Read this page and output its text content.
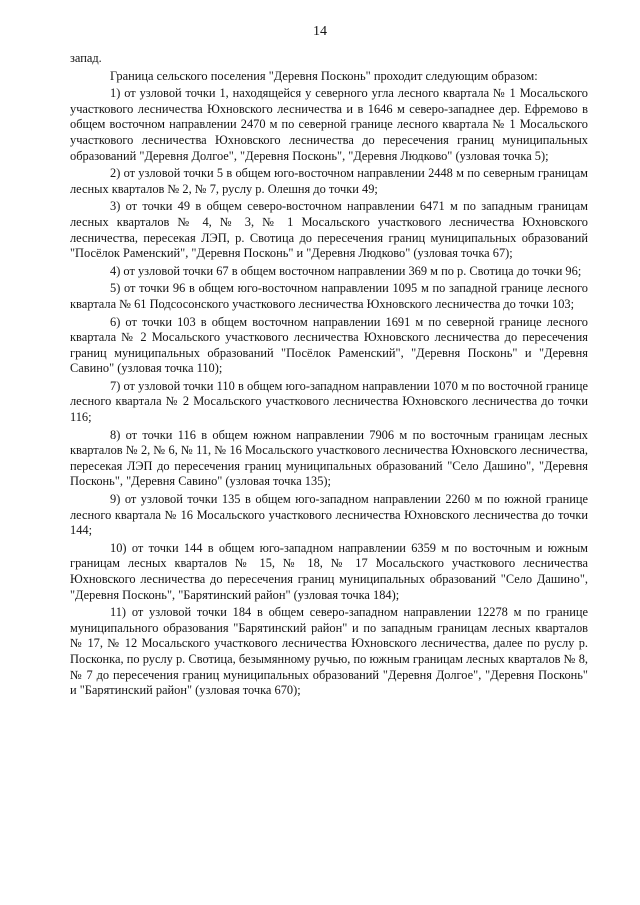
14

запад.

Граница сельского поселения "Деревня Посконь" проходит следующим образом:

1) от узловой точки 1, находящейся у северного угла лесного квартала № 1 Мосальского участкового лесничества Юхновского лесничества и в 1646 м северо-западнее дер. Ефремово в общем восточном направлении 2470 м по северной границе лесного квартала № 1 Мосальского участкового лесничества Юхновского лесничества до пересечения границ муниципальных образований "Деревня Долгое", "Деревня Посконь", "Деревня Людково" (узловая точка 5);

2) от узловой точки 5 в общем юго-восточном направлении 2448 м по северным границам лесных кварталов № 2, № 7, руслу р. Олешня до точки 49;

3) от точки 49 в общем северо-восточном направлении 6471 м по западным границам лесных кварталов № 4, № 3, № 1 Мосальского участкового лесничества Юхновского лесничества, пересекая ЛЭП, р. Свотица до пересечения границ муниципальных образований "Посёлок Раменский", "Деревня Посконь" и "Деревня Людково" (узловая точка 67);

4) от узловой точки 67 в общем восточном направлении 369 м по р. Свотица до точки 96;

5) от точки 96 в общем юго-восточном направлении 1095 м по западной границе лесного квартала № 61 Подсосонского участкового лесничества Юхновского лесничества до точки 103;

6) от точки 103 в общем восточном направлении 1691 м по северной границе лесного квартала № 2 Мосальского участкового лесничества Юхновского лесничества до пересечения границ муниципальных образований "Посёлок Раменский", "Деревня Посконь" и "Деревня Савино" (узловая точка 110);

7) от узловой точки 110 в общем юго-западном направлении 1070 м по восточной границе лесного квартала № 2 Мосальского участкового лесничества Юхновского лесничества до точки 116;

8) от точки 116 в общем южном направлении 7906 м по восточным границам лесных кварталов № 2, № 6, № 11, № 16 Мосальского участкового лесничества Юхновского лесничества, пересекая ЛЭП до пересечения границ муниципальных образований "Село Дашино", "Деревня Посконь", "Деревня Савино" (узловая точка 135);

9) от узловой точки 135 в общем юго-западном направлении 2260 м по южной границе лесного квартала № 16 Мосальского участкового лесничества Юхновского лесничества до точки 144;

10) от точки 144 в общем юго-западном направлении 6359 м по восточным и южным границам лесных кварталов № 15, № 18, № 17 Мосальского участкового лесничества Юхновского лесничества до пересечения границ муниципальных образований "Село Дашино", "Деревня Посконь", "Барятинский район" (узловая точка 184);

11) от узловой точки 184 в общем северо-западном направлении 12278 м по границе муниципального образования "Барятинский район" и по западным границам лесных кварталов № 17, № 12 Мосальского участкового лесничества Юхновского лесничества, далее по руслу р. Посконка, по руслу р. Свотица, безымянному ручью, по южным границам лесных кварталов № 8, № 7 до пересечения границ муниципальных образований "Деревня Долгое", "Деревня Посконь" и "Барятинский район" (узловая точка 670);
